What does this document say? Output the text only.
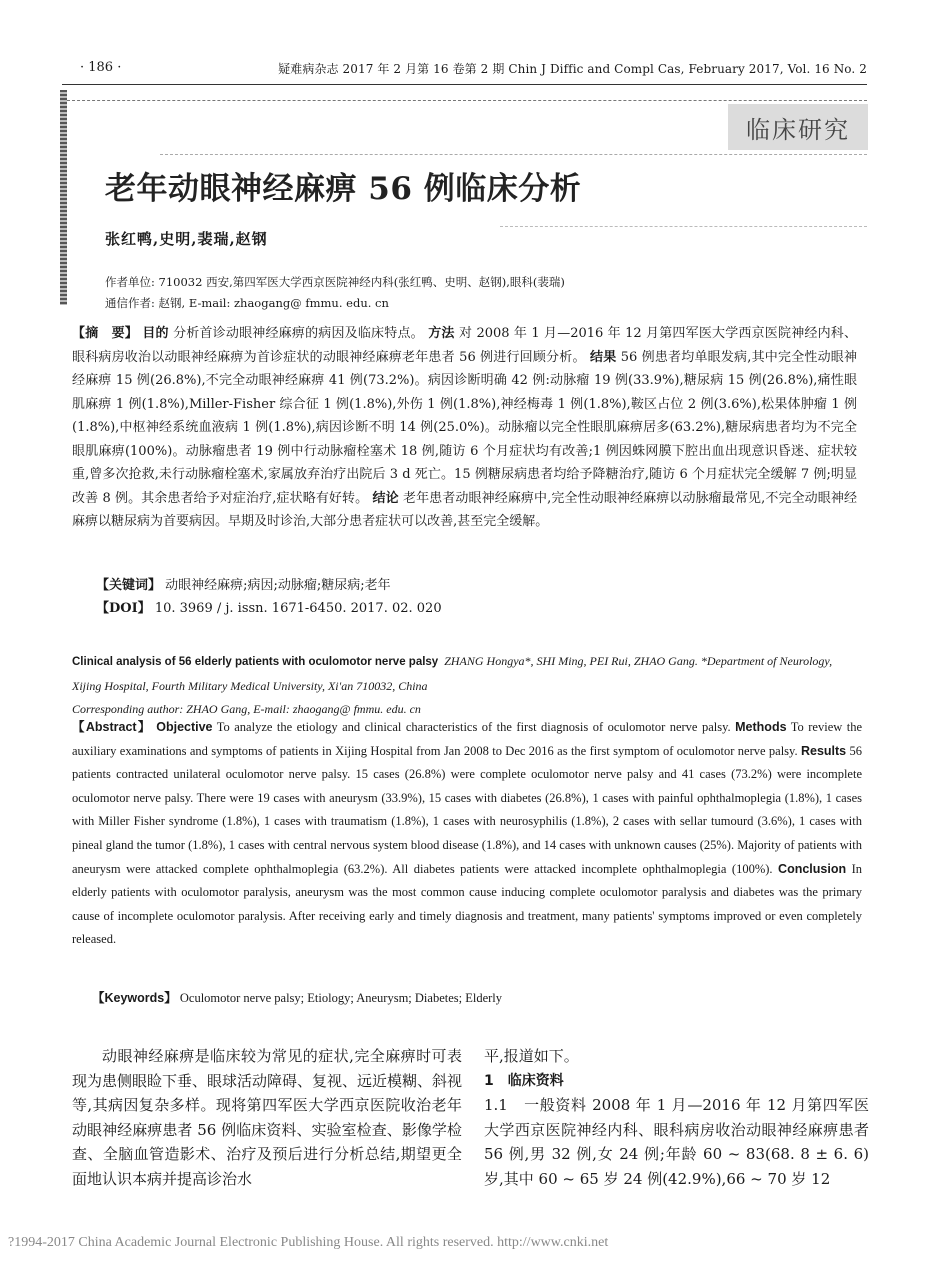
· 186 ·	疑难病杂志 2017 年 2 月第 16 卷第 2 期 Chin J Diffic and Compl Cas, February 2017, Vol. 16 No. 2
临床研究
老年动眼神经麻痹 56 例临床分析
张红鸭,史明,裴瑞,赵钢
作者单位: 710032 西安,第四军医大学西京医院神经内科(张红鸭、史明、赵钢),眼科(裴瑞)
通信作者: 赵钢, E-mail: zhaogang@ fmmu. edu. cn
【摘　要】 目的 分析首诊动眼神经麻痹的病因及临床特点。 方法 对 2008 年 1 月—2016 年 12 月第四军医大学西京医院神经内科、眼科病房收治以动眼神经麻痹为首诊症状的动眼神经麻痹老年患者 56 例进行回顾分析。 结果 56 例患者均单眼发病,其中完全性动眼神经麻痹 15 例(26.8%),不完全动眼神经麻痹 41 例(73.2%)。病因诊断明确 42 例:动脉瘤 19 例(33.9%),糖尿病 15 例(26.8%),痛性眼肌麻痹 1 例(1.8%),Miller-Fisher 综合征 1 例(1.8%),外伤 1 例(1.8%),神经梅毒 1 例(1.8%),鞍区占位 2 例(3.6%),松果体肿瘤 1 例(1.8%),中枢神经系统血液病 1 例(1.8%),病因诊断不明 14 例(25.0%)。动脉瘤以完全性眼肌麻痹居多(63.2%),糖尿病患者均为不完全眼肌麻痹(100%)。动脉瘤患者 19 例中行动脉瘤栓塞术 18 例,随访 6 个月症状均有改善;1 例因蛛网膜下腔出血出现意识昏迷、症状较重,曾多次抢救,未行动脉瘤栓塞术,家属放弃治疗出院后 3 d 死亡。15 例糖尿病患者均给予降糖治疗,随访 6 个月症状完全缓解 7 例;明显改善 8 例。其余患者给予对症治疗,症状略有好转。 结论 老年患者动眼神经麻痹中,完全性动眼神经麻痹以动脉瘤最常见,不完全动眼神经麻痹以糖尿病为首要病因。早期及时诊治,大部分患者症状可以改善,甚至完全缓解。
【关键词】 动眼神经麻痹;病因;动脉瘤;糖尿病;老年
【DOI】 10. 3969 / j. issn. 1671-6450. 2017. 02. 020
Clinical analysis of 56 elderly patients with oculomotor nerve palsy ZHANG Hongya*, SHI Ming, PEI Rui, ZHAO Gang. *Department of Neurology, Xijing Hospital, Fourth Military Medical University, Xi'an 710032, China
Corresponding author: ZHAO Gang, E-mail: zhaogang@ fmmu. edu. cn
【Abstract】 Objective To analyze the etiology and clinical characteristics of the first diagnosis of oculomotor nerve palsy. Methods To review the auxiliary examinations and symptoms of patients in Xijing Hospital from Jan 2008 to Dec 2016 as the first symptom of oculomotor nerve palsy. Results 56 patients contracted unilateral oculomotor nerve palsy. 15 cases (26.8%) were complete oculomotor nerve palsy and 41 cases (73.2%) were incomplete oculomotor nerve palsy. There were 19 cases with aneurysm (33.9%), 15 cases with diabetes (26.8%), 1 cases with painful ophthalmoplegia (1.8%), 1 cases with Miller Fisher syndrome (1.8%), 1 cases with traumatism (1.8%), 1 cases with neurosyphilis (1.8%), 2 cases with sellar tumourd (3.6%), 1 cases with pineal gland the tumor (1.8%), 1 cases with central nervous system blood disease (1.8%), and 14 cases with unknown causes (25%). Majority of patients with aneurysm were attacked complete ophthalmoplegia (63.2%). All diabetes patients were attacked incomplete ophthalmoplegia (100%). Conclusion In elderly patients with oculomotor paralysis, aneurysm was the most common cause inducing complete oculomotor paralysis and diabetes was the primary cause of incomplete oculomotor paralysis. After receiving early and timely diagnosis and treatment, many patients' symptoms improved or even completely released.
【Keywords】 Oculomotor nerve palsy; Etiology; Aneurysm; Diabetes; Elderly

动眼神经麻痹是临床较为常见的症状,完全麻痹时可表现为患侧眼睑下垂、眼球活动障碍、复视、远近模糊、斜视等,其病因复杂多样。现将第四军医大学西京医院收治老年动眼神经麻痹患者 56 例临床资料、实验室检查、影像学检查、全脑血管造影术、治疗及预后进行分析总结,期望更全面地认识本病并提高诊治水

平,报道如下。

1　临床资料

1.1　一般资料 2008 年 1 月—2016 年 12 月第四军医大学西京医院神经内科、眼科病房收治动眼神经麻痹患者 56 例,男 32 例,女 24 例;年龄 60 ~ 83(68. 8 ± 6. 6)岁,其中 60 ~ 65 岁 24 例(42.9%),66 ~ 70 岁 12

?1994-2017 China Academic Journal Electronic Publishing House. All rights reserved. http://www.cnki.net
